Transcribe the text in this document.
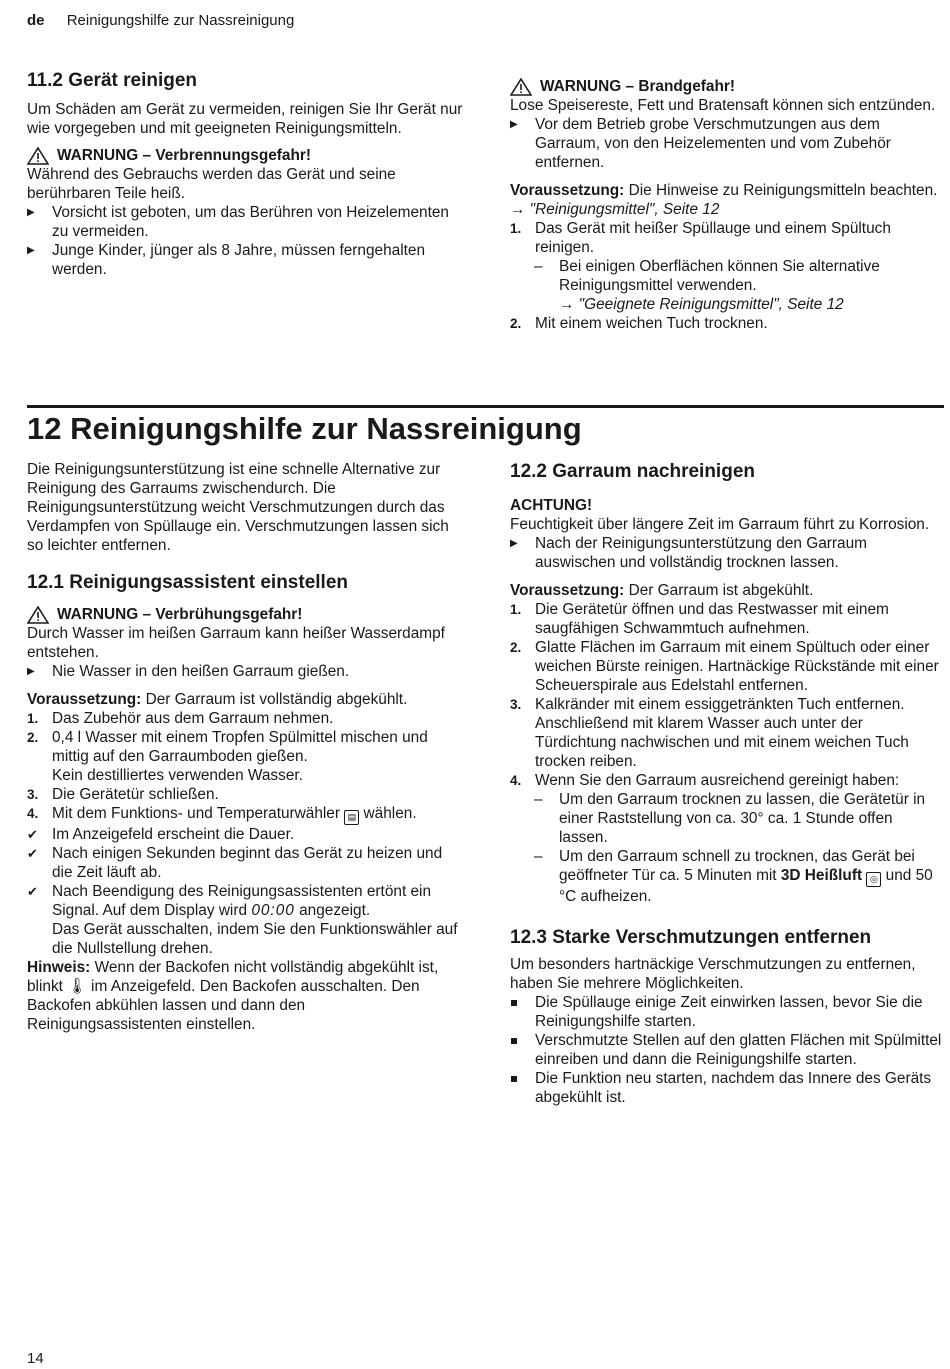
de Reinigungshilfe zur Nassreinigung

11.2 Gerät reinigen

Um Schäden am Gerät zu vermeiden, reinigen Sie Ihr Gerät nur wie vorgegeben und mit geeigneten Reinigungsmitteln.

WARNUNG – Verbrennungsgefahr!

Während des Gebrauchs werden das Gerät und seine berührbaren Teile heiß.

▶ Vorsicht ist geboten, um das Berühren von Heizelementen zu vermeiden.
▶ Junge Kinder, jünger als 8 Jahre, müssen ferngehalten werden.
WARNUNG – Brandgefahr!

Lose Speisereste, Fett und Bratensaft können sich entzünden.

▶ Vor dem Betrieb grobe Verschmutzungen aus dem Garraum, von den Heizelementen und vom Zubehör entfernen.

Voraussetzung: Die Hinweise zu Reinigungsmitteln beachten.

→ "Reinigungsmittel", Seite 12

1. Das Gerät mit heißer Spüllauge und einem Spültuch reinigen.
– Bei einigen Oberflächen können Sie alternative Reinigungsmittel verwenden.
→ "Geeignete Reinigungsmittel", Seite 12
2. Mit einem weichen Tuch trocknen.

12 Reinigungshilfe zur Nassreinigung

Die Reinigungsunterstützung ist eine schnelle Alternative zur Reinigung des Garraums zwischendurch. Die Reinigungsunterstützung weicht Verschmutzungen durch das Verdampfen von Spüllauge ein. Verschmutzungen lassen sich so leichter entfernen.

12.1 Reinigungsassistent einstellen

WARNUNG – Verbrühungsgefahr!

Durch Wasser im heißen Garraum kann heißer Wasserdampf entstehen.

▶ Nie Wasser in den heißen Garraum gießen.

Voraussetzung: Der Garraum ist vollständig abgekühlt.

1. Das Zubehör aus dem Garraum nehmen.
2. 0,4 l Wasser mit einem Tropfen Spülmittel mischen und mittig auf den Garraumboden gießen.
Kein destilliertes verwenden Wasser.
3. Die Gerätetür schließen.
4. Mit dem Funktions- und Temperaturwähler ▤ wählen.
✔ Im Anzeigefeld erscheint die Dauer.
✔ Nach einigen Sekunden beginnt das Gerät zu heizen und die Zeit läuft ab.
✔ Nach Beendigung des Reinigungsassistenten ertönt ein Signal. Auf dem Display wird 00:00 angezeigt.
Das Gerät ausschalten, indem Sie den Funktionswähler auf die Nullstellung drehen.

Hinweis: Wenn der Backofen nicht vollständig abgekühlt ist, blinkt 🌡 im Anzeigefeld. Den Backofen ausschalten. Den Backofen abkühlen lassen und dann den Reinigungsassistenten einstellen.

12.2 Garraum nachreinigen

ACHTUNG!

Feuchtigkeit über längere Zeit im Garraum führt zu Korrosion.

▶ Nach der Reinigungsunterstützung den Garraum auswischen und vollständig trocknen lassen.

Voraussetzung: Der Garraum ist abgekühlt.

1. Die Gerätetür öffnen und das Restwasser mit einem saugfähigen Schwammtuch aufnehmen.
2. Glatte Flächen im Garraum mit einem Spültuch oder einer weichen Bürste reinigen. Hartnäckige Rückstände mit einer Scheuerspirale aus Edelstahl entfernen.
3. Kalkränder mit einem essiggetränkten Tuch entfernen. Anschließend mit klarem Wasser auch unter der Türdichtung nachwischen und mit einem weichen Tuch trocken reiben.
4. Wenn Sie den Garraum ausreichend gereinigt haben:
– Um den Garraum trocknen zu lassen, die Gerätetür in einer Raststellung von ca. 30° ca. 1 Stunde offen lassen.
– Um den Garraum schnell zu trocknen, das Gerät bei geöffneter Tür ca. 5 Minuten mit 3D Heißluft ◎ und 50 °C aufheizen.

12.3 Starke Verschmutzungen entfernen

Um besonders hartnäckige Verschmutzungen zu entfernen, haben Sie mehrere Möglichkeiten.

Die Spüllauge einige Zeit einwirken lassen, bevor Sie die Reinigungshilfe starten.
Verschmutzte Stellen auf den glatten Flächen mit Spülmittel einreiben und dann die Reinigungshilfe starten.
Die Funktion neu starten, nachdem das Innere des Geräts abgekühlt ist.
14
